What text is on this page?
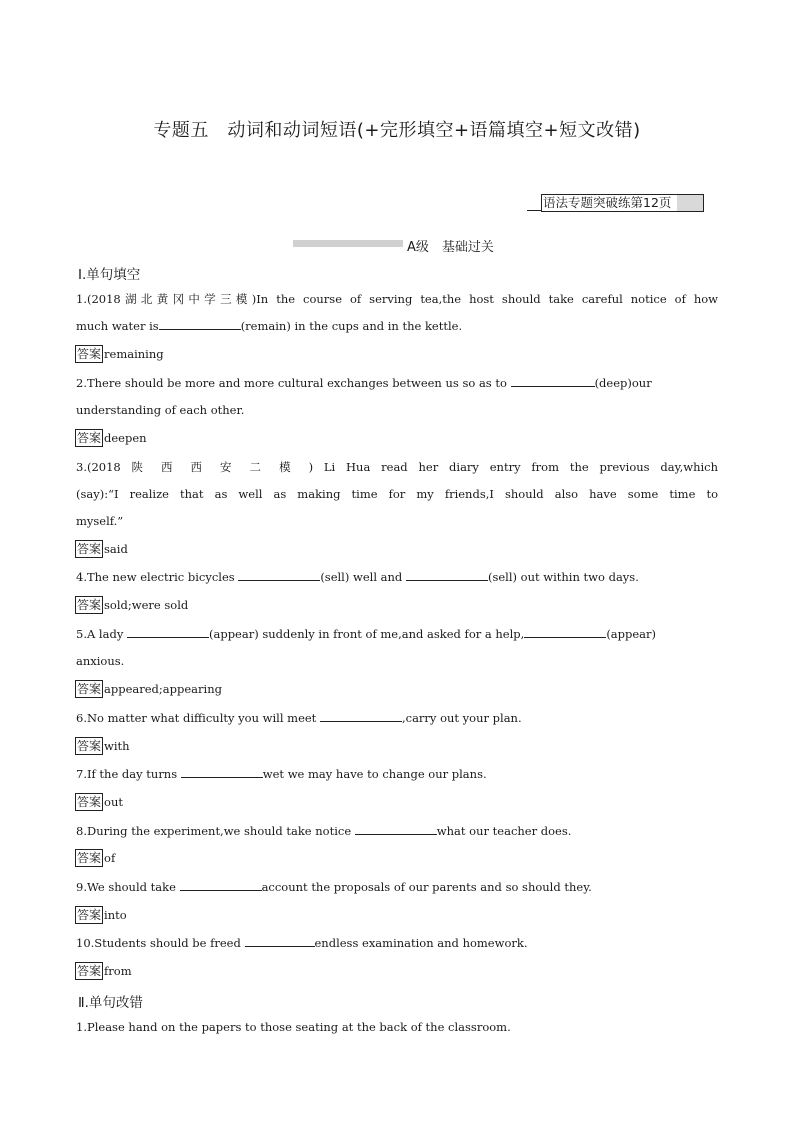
专题五　动词和动词短语(+完形填空+语篇填空+短文改错)
语法专题突破练第12页
A级　基础过关
Ⅰ.单句填空

1.(2018湖北黄冈中学三模)In the course of serving tea,the host should take careful notice of how

much water is	(remain) in the cups and in the kettle.

答案 remaining

2.There should be more and more cultural exchanges between us so as to	(deep)our

understanding of each other.

答案 deepen

3.(2018 陕 西 西 安 二 模 ) Li Hua read her diary entry from the previous day,which

(say):“I realize that as well as making time for my friends,I should also have some time to

myself.”

答案 said

4.The new electric bicycles	(sell) well and	(sell) out within two days.

答案 sold;were sold

5.A lady	(appear) suddenly in front of me,and asked for a help,	(appear)

anxious.

答案 appeared;appearing

6.No matter what difficulty you will meet	,carry out your plan.

答案 with

7.If the day turns	wet we may have to change our plans.

答案 out

8.During the experiment,we should take notice	what our teacher does.

答案 of

9.We should take	account the proposals of our parents and so should they.

答案 into

10.Students should be freed	endless examination and homework.

答案 from
Ⅱ.单句改错

1.Please hand on the papers to those seating at the back of the classroom.
